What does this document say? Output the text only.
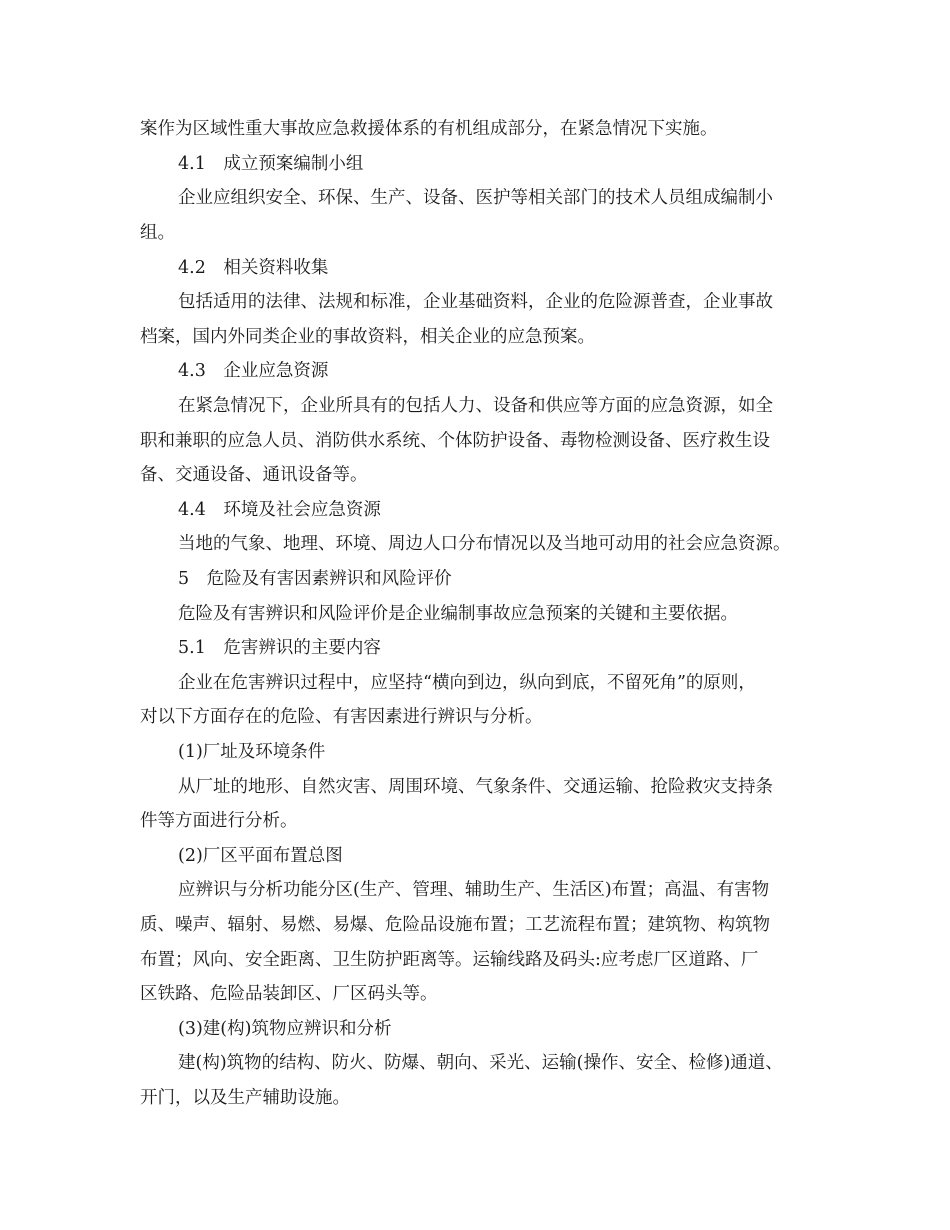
案作为区域性重大事故应急救援体系的有机组成部分，在紧急情况下实施。
4.1　成立预案编制小组
企业应组织安全、环保、生产、设备、医护等相关部门的技术人员组成编制小
组。
4.2　相关资料收集
包括适用的法律、法规和标准，企业基础资料，企业的危险源普查，企业事故
档案，国内外同类企业的事故资料，相关企业的应急预案。
4.3　企业应急资源
在紧急情况下，企业所具有的包括人力、设备和供应等方面的应急资源，如全
职和兼职的应急人员、消防供水系统、个体防护设备、毒物检测设备、医疗救生设
备、交通设备、通讯设备等。
4.4　环境及社会应急资源
当地的气象、地理、环境、周边人口分布情况以及当地可动用的社会应急资源。
5　危险及有害因素辨识和风险评价
危险及有害辨识和风险评价是企业编制事故应急预案的关键和主要依据。
5.1　危害辨识的主要内容
企业在危害辨识过程中，应坚持“横向到边，纵向到底，不留死角”的原则，
对以下方面存在的危险、有害因素进行辨识与分析。
(1)厂址及环境条件
从厂址的地形、自然灾害、周围环境、气象条件、交通运输、抢险救灾支持条
件等方面进行分析。
(2)厂区平面布置总图
应辨识与分析功能分区(生产、管理、辅助生产、生活区)布置；高温、有害物
质、噪声、辐射、易燃、易爆、危险品设施布置；工艺流程布置；建筑物、构筑物
布置；风向、安全距离、卫生防护距离等。运输线路及码头:应考虑厂区道路、厂
区铁路、危险品装卸区、厂区码头等。
(3)建(构)筑物应辨识和分析
建(构)筑物的结构、防火、防爆、朝向、采光、运输(操作、安全、检修)通道、
开门，以及生产辅助设施。
